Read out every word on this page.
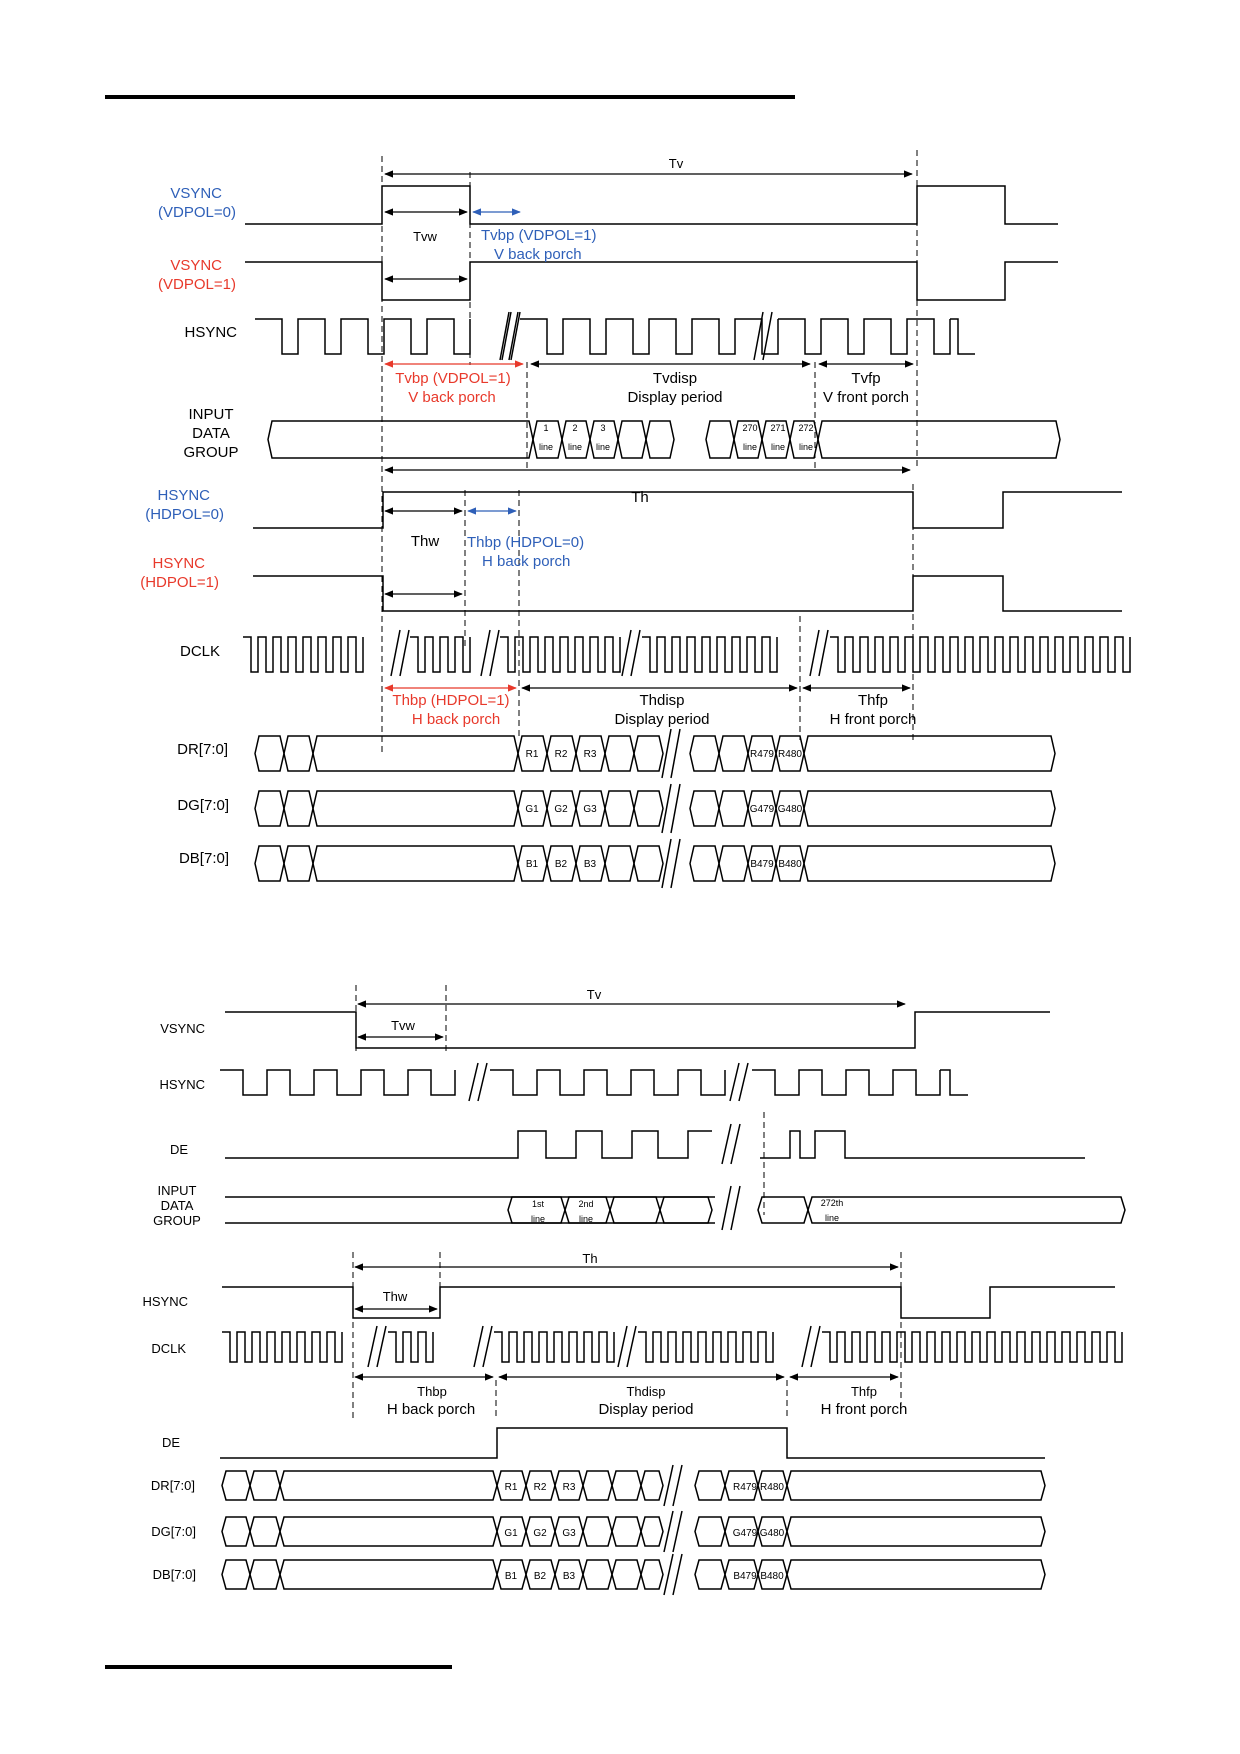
R1 R2 R3	R479 R480
G1 G2 G3	G479 G480
B1 B2 B3	B479 B480
R1 R2 R3	R479 R480
G1 G2 G3	G479 G480
B1 B2 B3	B479 B480
VSYNC
(VDPOL=0)
VSYNC
(VDPOL=1)
HSYNC
INPUT
DATA
GROUP
HSYNC
(HDPOL=0)
HSYNC
(HDPOL=1)
DCLK
DR[7:0]
DG[7:0]
DB[7:0]
Tv
Tvw	Tvbp (VDPOL=1)
V back porch
Tvbp (VDPOL=1)
V back porch
Tvdisp
Display period
Tvfp
V front porch
Th
Thw Thbp (HDPOL=0)
H back porch
Thbp (HDPOL=1)
H back porch
Thdisp
Display period
Thfp
H front porch
1
line
2
line
3
line
270
line
271
line
272
line
VSYNC
HSYNC
DE
INPUT
DATA
GROUP
HSYNC
DCLK
DE
DR[7:0]
DG[7:0]
DB[7:0]
Tv
Tvw
Th
Thw
Thbp
H back porch
Thdisp
Display period
Thfp
H front porch
1st
line
2nd
line
272th
line
